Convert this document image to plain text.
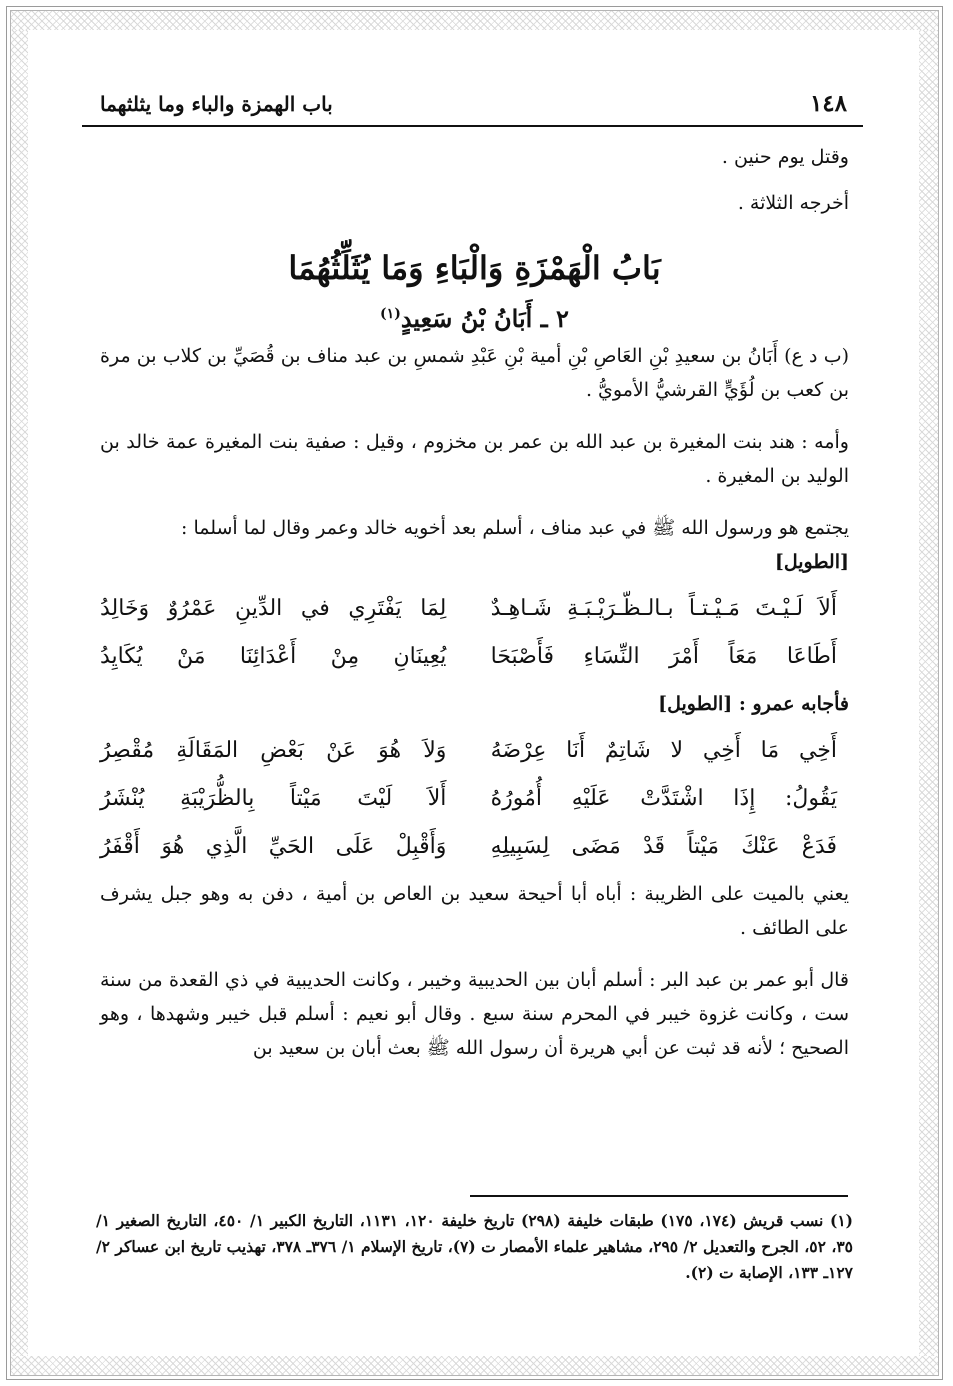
١٤٨
باب الهمزة والباء وما يثلثهما

وقتل يوم حنين .

أخرجه الثلاثة .

بَابُ الْهَمْزَةِ وَالْبَاءِ وَمَا يُثَلِّثُهُمَا
٢ ـ أَبَانُ بْنُ سَعِيدٍ$^{(١)}$

(ب د ع) أَبَانُ بن سعيدِ بْنِ العَاصِ بْنِ أمية بْنِ عَبْدِ شمسِ بن عبد مناف بن قُصَيِّ بن كلاب بن مرة بن كعب بن لُؤَيٍّ القرشيُّ الأمويُّ .

وأمه : هند بنت المغيرة بن عبد الله بن عمر بن مخزوم ، وقيل : صفية بنت المغيرة عمة خالد بن الوليد بن المغيرة .

يجتمع هو ورسول الله ﷺ في عبد مناف ، أسلم بعد أخويه خالد وعمر وقال لما أسلما :

[الطويل]

أَلاَ لَـيْـتَ مَـيْـتـاً بـالـظّـرَيْـبَـةِ شَـاهِـدٌ
لِمَا يَفْتَرِي في الدِّينِ عَمْرُوٌ وَخَالِدُ
أَطَاعَا مَعَاً أَمْرَ النِّسَاءِ فَأَصْبَحَا
يُعِينَانِ مِنْ أَعْدَائِنَا مَنْ يُكَايِدُ

فأجابه عمرو : [الطويل]

أَخِي مَا أَخِي لا شَاتِمٌ أَنَا عِرْضَهُ
وَلاَ هُوَ عَنْ بَعْضِ المَقَالَةِ مُقْصِرُ
يَقُولُ: إِذَا اشْتَدَّتْ عَلَيْهِ أُمُورُهُ
أَلاَ لَيْتَ مَيْتاً بِالظُّرَيْبَةِ يُنْشَرُ
فَدَعْ عَنْكَ مَيْتاً قَدْ مَضَى لِسَبِيلِهِ
وَأَقْبِلْ عَلَى الحَيِّ الَّذِي هُوَ أَقْفَرُ

يعني بالميت على الظريبة : أباه أبا أحيحة سعيد بن العاص بن أمية ، دفن به وهو جبل يشرف على الطائف .

قال أبو عمر بن عبد البر : أسلم أبان بين الحديبية وخيبر ، وكانت الحديبية في ذي القعدة من سنة ست ، وكانت غزوة خيبر في المحرم سنة سبع . وقال أبو نعيم : أسلم قبل خيبر وشهدها ، وهو الصحيح ؛ لأنه قد ثبت عن أبي هريرة أن رسول الله ﷺ بعث أبان بن سعيد بن

(١) نسب قريش (١٧٤، ١٧٥) طبقات خليفة (٢٩٨) تاريخ خليفة ١٢٠، ١١٣١، التاريخ الكبير ١/ ٤٥٠، التاريخ الصغير ١/ ٣٥، ٥٢، الجرح والتعديل ٢/ ٢٩٥، مشاهير علماء الأمصار ت (٧)، تاريخ الإسلام ١/ ٣٧٦ـ ٣٧٨، تهذيب تاريخ ابن عساكر ٢/ ١٢٧ـ ١٣٣، الإصابة ت (٢).
